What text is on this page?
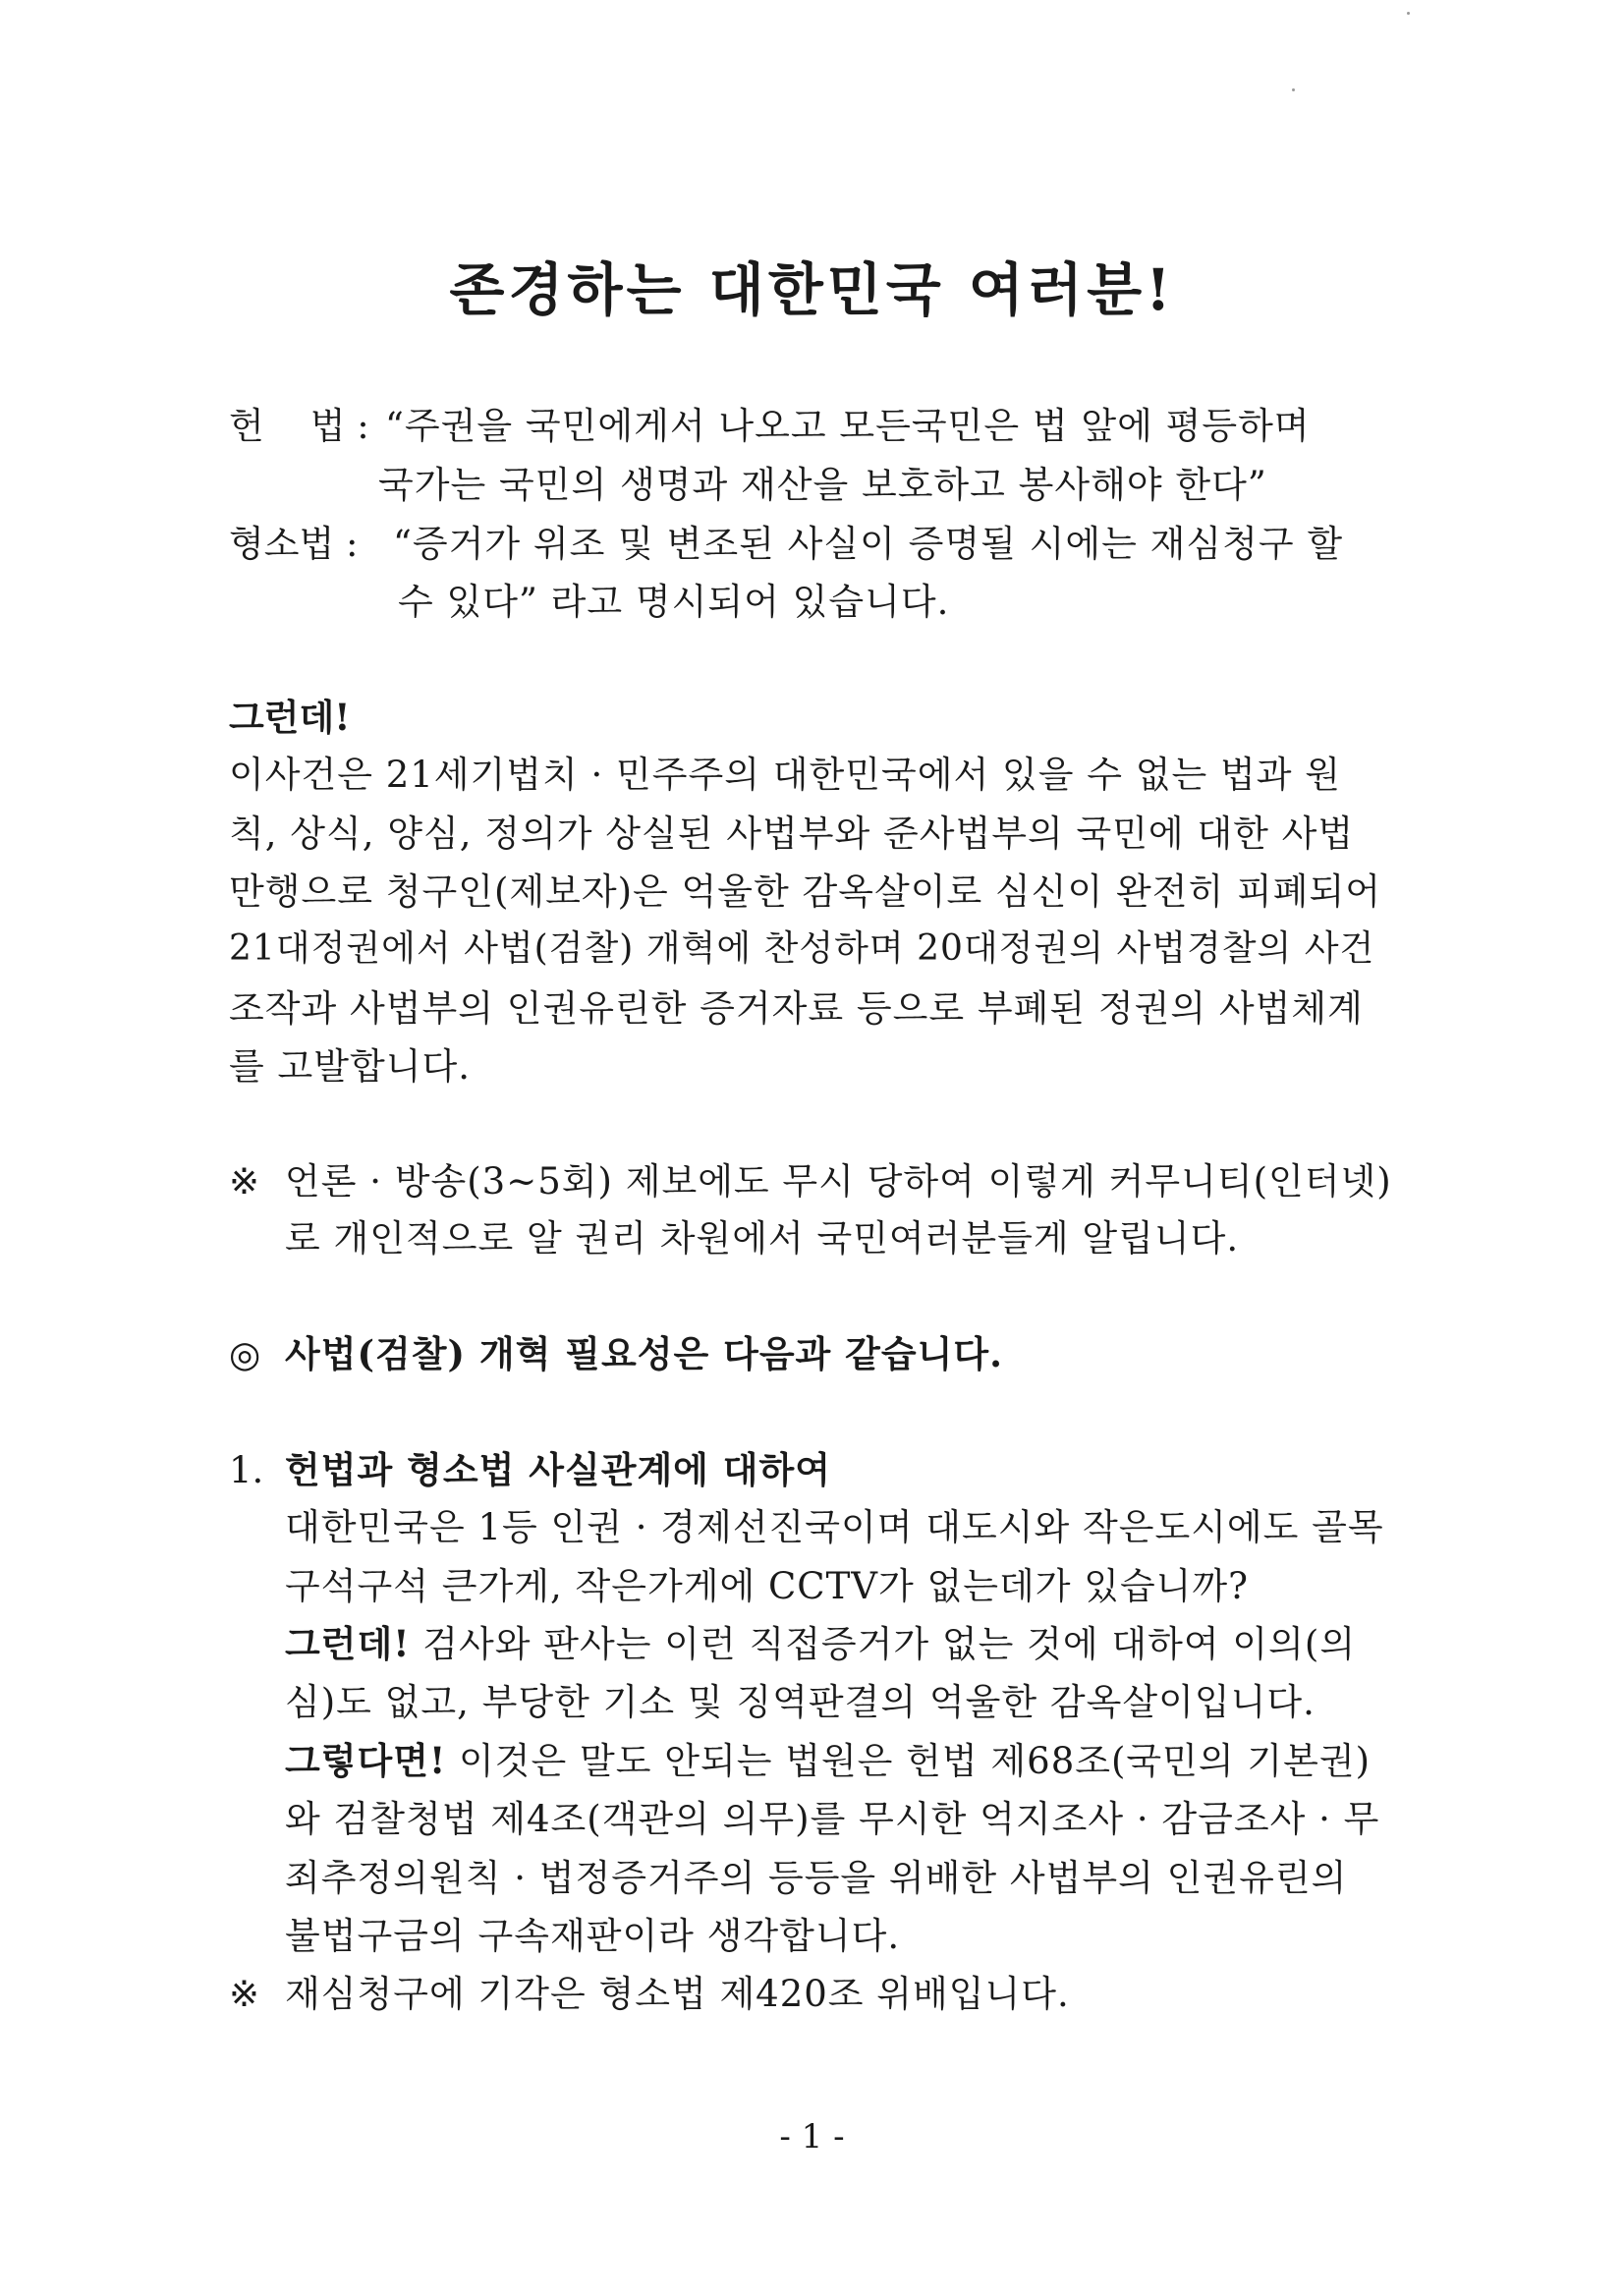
존경하는 대한민국 여러분!
헌    법 : “주권을 국민에게서 나오고 모든국민은 법 앞에 평등하며
국가는 국민의 생명과 재산을 보호하고 봉사해야 한다”
형소법 : “증거가 위조 및 변조된 사실이 증명될 시에는 재심청구 할
수 있다” 라고 명시되어 있습니다.
그런데!
이사건은 21세기법치 · 민주주의 대한민국에서 있을 수 없는 법과 원
칙, 상식, 양심, 정의가 상실된 사법부와 준사법부의 국민에 대한 사법
만행으로 청구인(제보자)은 억울한 감옥살이로 심신이 완전히 피폐되어
21대정권에서 사법(검찰) 개혁에 찬성하며 20대정권의 사법경찰의 사건
조작과 사법부의 인권유린한 증거자료 등으로 부폐된 정권의 사법체계
를 고발합니다.
※ 언론 · 방송(3~5회) 제보에도 무시 당하여 이렇게 커무니티(인터넷)
로 개인적으로 알 권리 차원에서 국민여러분들게 알립니다.
◎ 사법(검찰) 개혁 필요성은 다음과 같습니다.
1. 헌법과 형소법 사실관계에 대하여
대한민국은 1등 인권 · 경제선진국이며 대도시와 작은도시에도 골목
구석구석 큰가게, 작은가게에 CCTV가 없는데가 있습니까?
그런데! 검사와 판사는 이런 직접증거가 없는 것에 대하여 이의(의
심)도 없고, 부당한 기소 및 징역판결의 억울한 감옥살이입니다.
그렇다면! 이것은 말도 안되는 법원은 헌법 제68조(국민의 기본권)
와 검찰청법 제4조(객관의 의무)를 무시한 억지조사 · 감금조사 · 무
죄추정의원칙 · 법정증거주의 등등을 위배한 사법부의 인권유린의
불법구금의 구속재판이라 생각합니다.
※ 재심청구에 기각은 형소법 제420조 위배입니다.
- 1 -
